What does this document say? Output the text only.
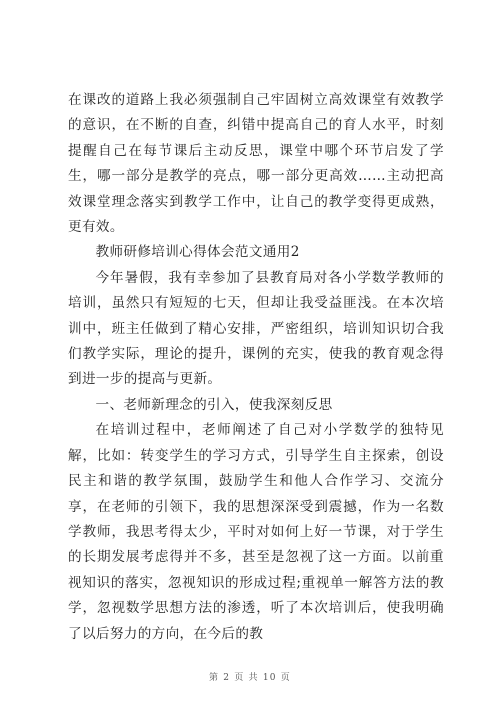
在课改的道路上我必须强制自己牢固树立高效课堂有效教学的意识，在不断的自查，纠错中提高自己的育人水平，时刻提醒自己在每节课后主动反思，课堂中哪个环节启发了学生，哪一部分是教学的亮点，哪一部分更高效……主动把高效课堂理念落实到教学工作中，让自己的教学变得更成熟，更有效。

教师研修培训心得体会范文通用2

今年暑假，我有幸参加了县教育局对各小学数学教师的培训，虽然只有短短的七天，但却让我受益匪浅。在本次培训中，班主任做到了精心安排，严密组织，培训知识切合我们教学实际，理论的提升，课例的充实，使我的教育观念得到进一步的提高与更新。

一、老师新理念的引入，使我深刻反思

在培训过程中，老师阐述了自己对小学数学的独特见解，比如：转变学生的学习方式，引导学生自主探索，创设民主和谐的教学氛围，鼓励学生和他人合作学习、交流分享，在老师的引领下，我的思想深深受到震撼，作为一名数学教师，我思考得太少，平时对如何上好一节课，对于学生的长期发展考虑得并不多，甚至是忽视了这一方面。以前重视知识的落实，忽视知识的形成过程;重视单一解答方法的教学，忽视数学思想方法的渗透，听了本次培训后，使我明确了以后努力的方向，在今后的教

第 2 页 共 10 页
